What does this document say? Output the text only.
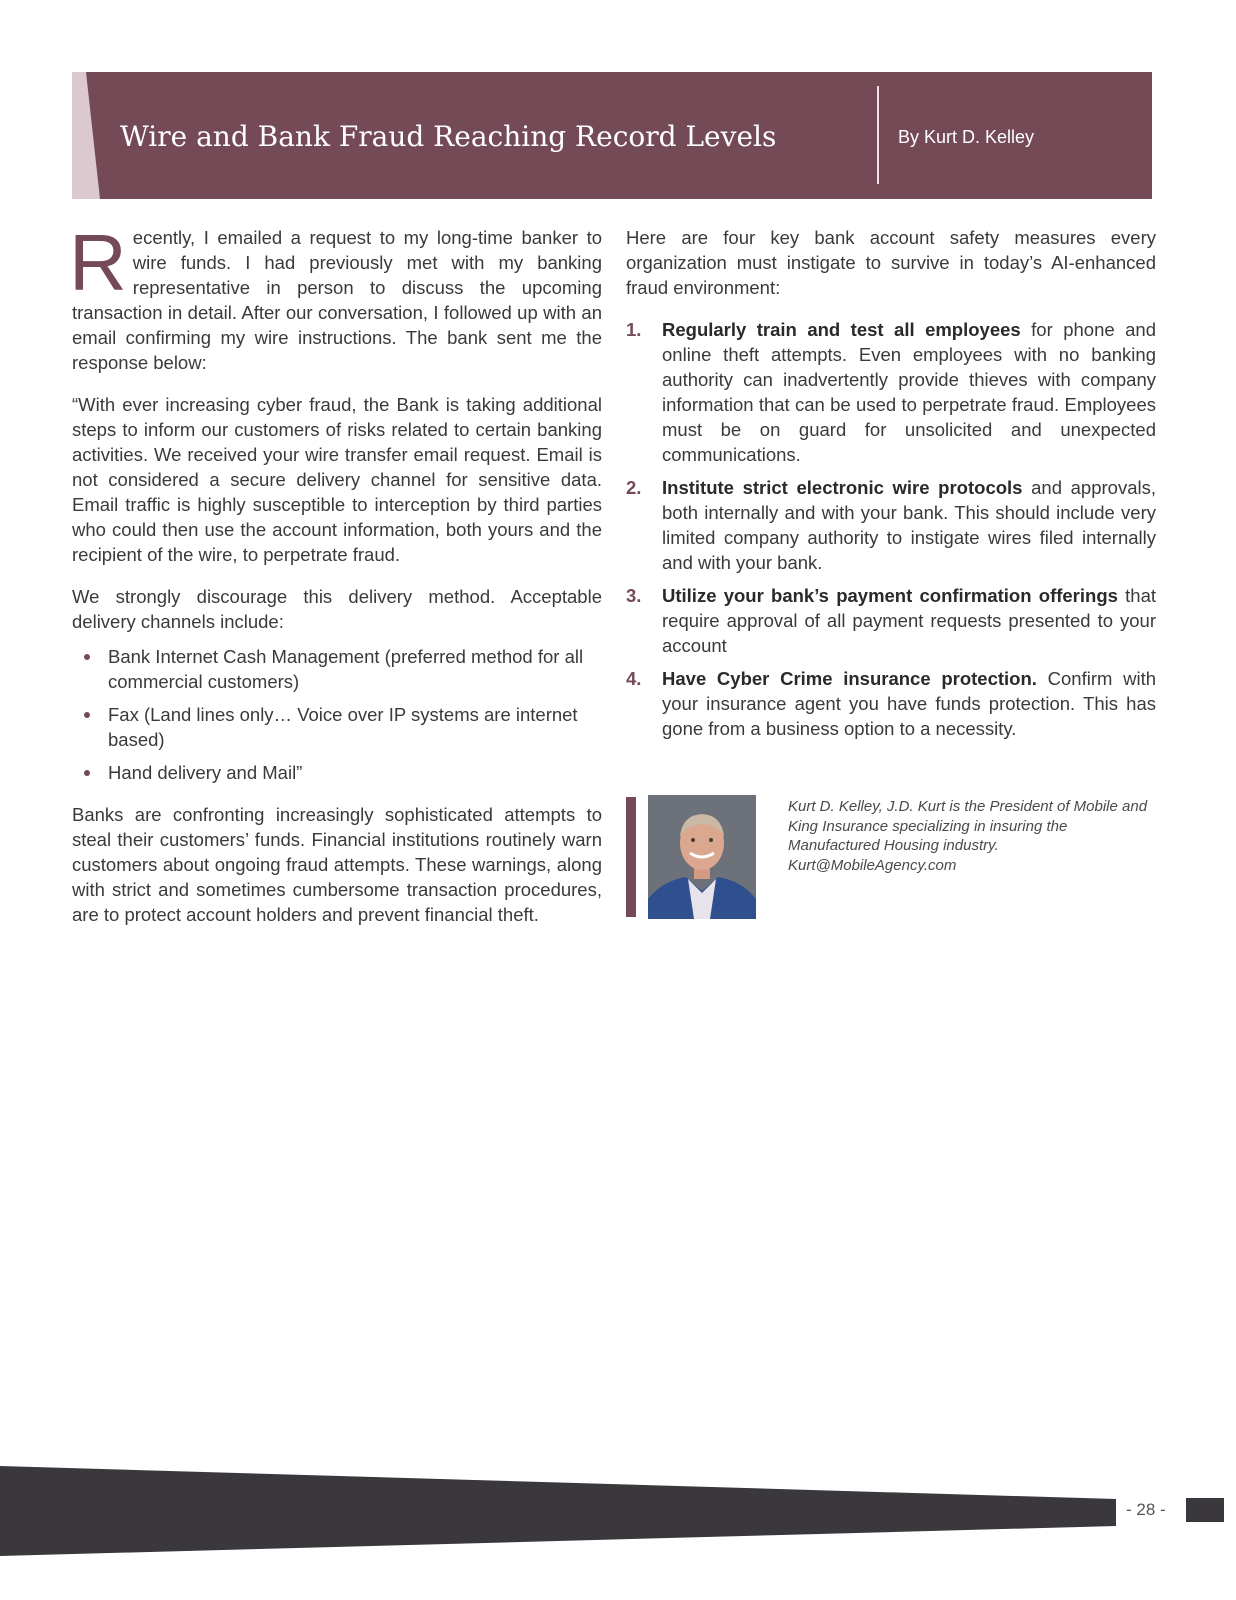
Wire and Bank Fraud Reaching Record Levels	By Kurt D. Kelley

Recently, I emailed a request to my long-time banker to wire funds. I had previously met with my banking representative in person to discuss the upcoming transaction in detail. After our conversation, I followed up with an email confirming my wire instructions. The bank sent me the response below:

“With ever increasing cyber fraud, the Bank is taking additional steps to inform our customers of risks related to certain banking activities. We received your wire transfer email request. Email is not considered a secure delivery channel for sensitive data. Email traffic is highly susceptible to interception by third parties who could then use the account information, both yours and the recipient of the wire, to perpetrate fraud.

We strongly discourage this delivery method. Acceptable delivery channels include:

Bank Internet Cash Management (preferred method for all commercial customers)
Fax (Land lines only… Voice over IP systems are internet based)
Hand delivery and Mail”

Banks are confronting increasingly sophisticated attempts to steal their customers’ funds. Financial institutions routinely warn customers about ongoing fraud attempts. These warnings, along with strict and sometimes cumbersome transaction procedures, are to protect account holders and prevent financial theft.

Here are four key bank account safety measures every organization must instigate to survive in today’s AI-enhanced fraud environment:

1. Regularly train and test all employees for phone and online theft attempts. Even employees with no banking authority can inadvertently provide thieves with company information that can be used to perpetrate fraud. Employees must be on guard for unsolicited and unexpected communications.
2. Institute strict electronic wire protocols and approvals, both internally and with your bank. This should include very limited company authority to instigate wires filed internally and with your bank.
3. Utilize your bank’s payment confirmation offerings that require approval of all payment requests presented to your account
4. Have Cyber Crime insurance protection. Confirm with your insurance agent you have funds protection. This has gone from a business option to a necessity.
Kurt D. Kelley, J.D. Kurt is the President of Mobile and King Insurance specializing in insuring the Manufactured Housing industry.
Kurt@MobileAgency.com
- 28 -
